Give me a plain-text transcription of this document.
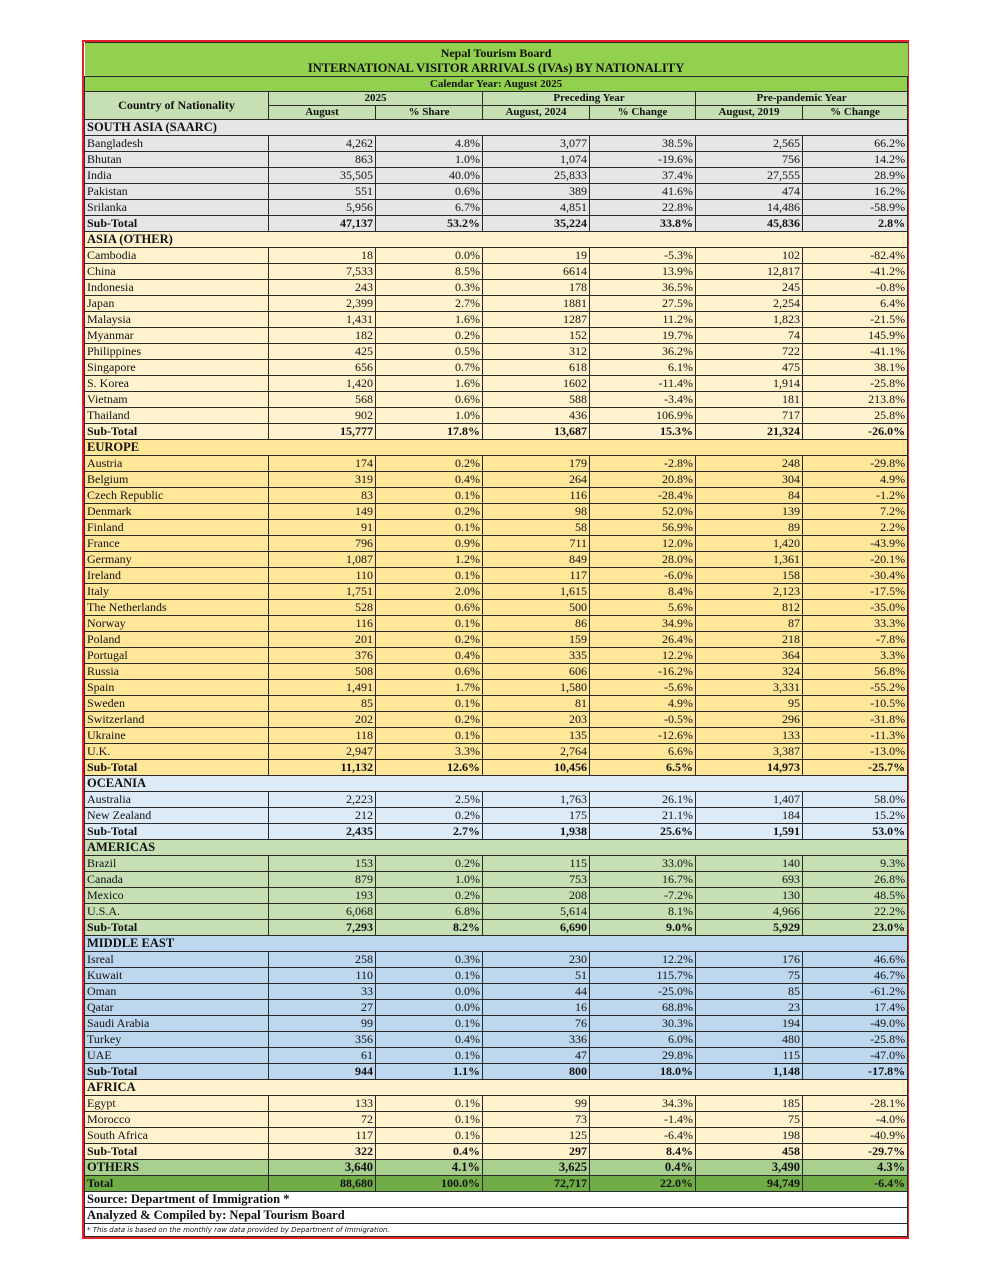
Nepal Tourism Board						
INTERNATIONAL VISITOR ARRIVALS (IVAs) BY NATIONALITY						
Calendar Year: August 2025						
Country of Nationality	2025		Preceding Year		Pre-pandemic Year	
	August	% Share	August, 2024	% Change	August, 2019	% Change
SOUTH ASIA (SAARC)						
Bangladesh	4,262	4.8%	3,077	38.5%	2,565	66.2%
Bhutan	863	1.0%	1,074	-19.6%	756	14.2%
India	35,505	40.0%	25,833	37.4%	27,555	28.9%
Pakistan	551	0.6%	389	41.6%	474	16.2%
Srilanka	5,956	6.7%	4,851	22.8%	14,486	-58.9%
Sub-Total	47,137	53.2%	35,224	33.8%	45,836	2.8%
ASIA (OTHER)						
Cambodia	18	0.0%	19	-5.3%	102	-82.4%
China	7,533	8.5%	6614	13.9%	12,817	-41.2%
Indonesia	243	0.3%	178	36.5%	245	-0.8%
Japan	2,399	2.7%	1881	27.5%	2,254	6.4%
Malaysia	1,431	1.6%	1287	11.2%	1,823	-21.5%
Myanmar	182	0.2%	152	19.7%	74	145.9%
Philippines	425	0.5%	312	36.2%	722	-41.1%
Singapore	656	0.7%	618	6.1%	475	38.1%
S. Korea	1,420	1.6%	1602	-11.4%	1,914	-25.8%
Vietnam	568	0.6%	588	-3.4%	181	213.8%
Thailand	902	1.0%	436	106.9%	717	25.8%
Sub-Total	15,777	17.8%	13,687	15.3%	21,324	-26.0%
EUROPE						
Austria	174	0.2%	179	-2.8%	248	-29.8%
Belgium	319	0.4%	264	20.8%	304	4.9%
Czech Republic	83	0.1%	116	-28.4%	84	-1.2%
Denmark	149	0.2%	98	52.0%	139	7.2%
Finland	91	0.1%	58	56.9%	89	2.2%
France	796	0.9%	711	12.0%	1,420	-43.9%
Germany	1,087	1.2%	849	28.0%	1,361	-20.1%
Ireland	110	0.1%	117	-6.0%	158	-30.4%
Italy	1,751	2.0%	1,615	8.4%	2,123	-17.5%
The Netherlands	528	0.6%	500	5.6%	812	-35.0%
Norway	116	0.1%	86	34.9%	87	33.3%
Poland	201	0.2%	159	26.4%	218	-7.8%
Portugal	376	0.4%	335	12.2%	364	3.3%
Russia	508	0.6%	606	-16.2%	324	56.8%
Spain	1,491	1.7%	1,580	-5.6%	3,331	-55.2%
Sweden	85	0.1%	81	4.9%	95	-10.5%
Switzerland	202	0.2%	203	-0.5%	296	-31.8%
Ukraine	118	0.1%	135	-12.6%	133	-11.3%
U.K.	2,947	3.3%	2,764	6.6%	3,387	-13.0%
Sub-Total	11,132	12.6%	10,456	6.5%	14,973	-25.7%
OCEANIA						
Australia	2,223	2.5%	1,763	26.1%	1,407	58.0%
New Zealand	212	0.2%	175	21.1%	184	15.2%
Sub-Total	2,435	2.7%	1,938	25.6%	1,591	53.0%
AMERICAS						
Brazil	153	0.2%	115	33.0%	140	9.3%
Canada	879	1.0%	753	16.7%	693	26.8%
Mexico	193	0.2%	208	-7.2%	130	48.5%
U.S.A.	6,068	6.8%	5,614	8.1%	4,966	22.2%
Sub-Total	7,293	8.2%	6,690	9.0%	5,929	23.0%
MIDDLE EAST						
Isreal	258	0.3%	230	12.2%	176	46.6%
Kuwait	110	0.1%	51	115.7%	75	46.7%
Oman	33	0.0%	44	-25.0%	85	-61.2%
Qatar	27	0.0%	16	68.8%	23	17.4%
Saudi Arabia	99	0.1%	76	30.3%	194	-49.0%
Turkey	356	0.4%	336	6.0%	480	-25.8%
UAE	61	0.1%	47	29.8%	115	-47.0%
Sub-Total	944	1.1%	800	18.0%	1,148	-17.8%
AFRICA						
Egypt	133	0.1%	99	34.3%	185	-28.1%
Morocco	72	0.1%	73	-1.4%	75	-4.0%
South Africa	117	0.1%	125	-6.4%	198	-40.9%
Sub-Total	322	0.4%	297	8.4%	458	-29.7%
OTHERS	3,640	4.1%	3,625	0.4%	3,490	4.3%
Total	88,680	100.0%	72,717	22.0%	94,749	-6.4%
Source: Department of Immigration *						
Analyzed & Compiled by: Nepal Tourism Board						
* This data is based on the monthly raw data provided by Department of Immigration.						
